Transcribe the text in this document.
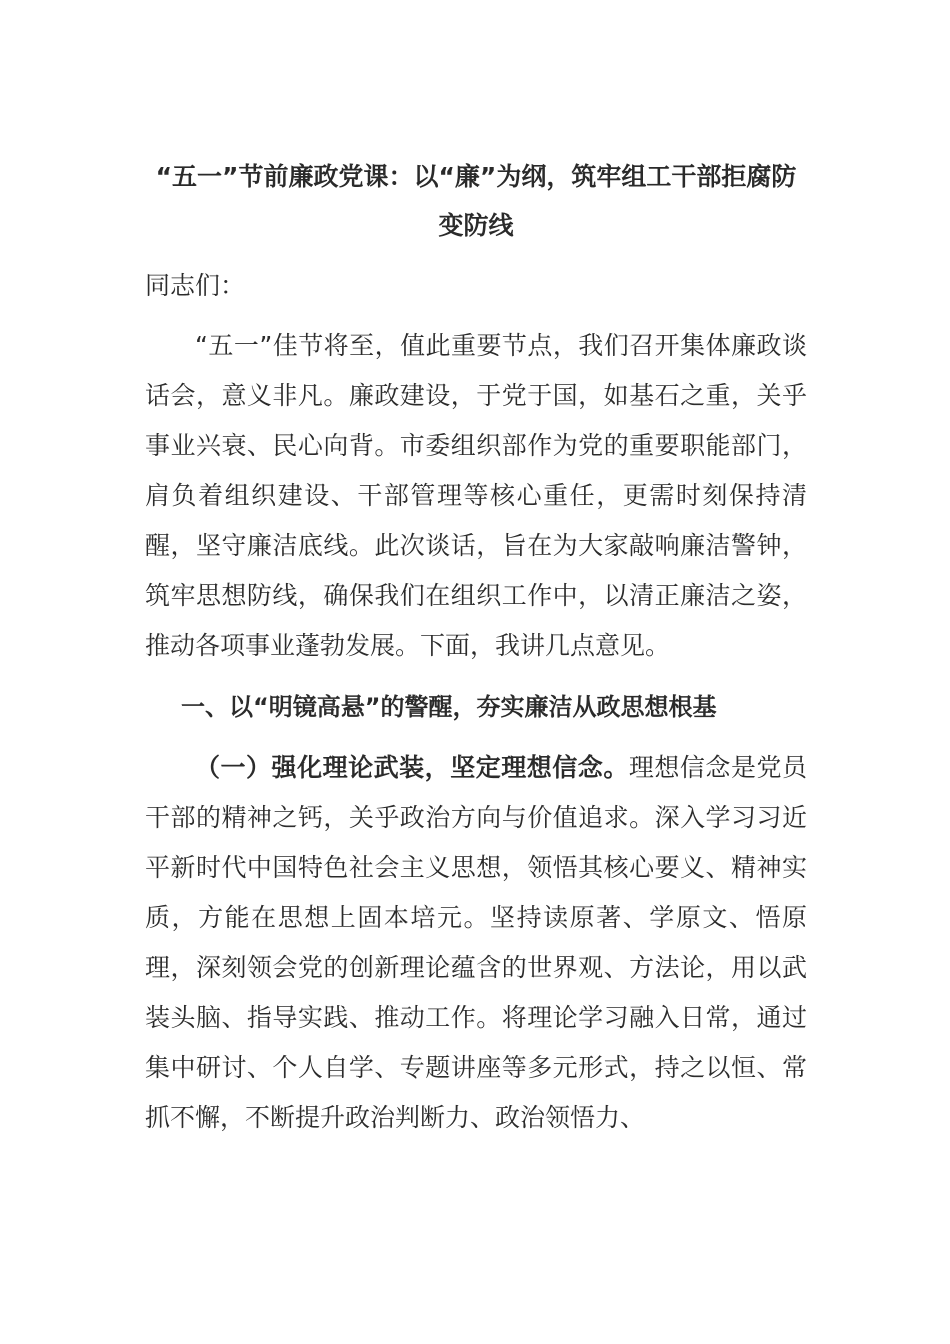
“五一”节前廉政党课：以“廉”为纲，筑牢组工干部拒腐防变防线

同志们：

“五一”佳节将至，值此重要节点，我们召开集体廉政谈话会，意义非凡。廉政建设，于党于国，如基石之重，关乎事业兴衰、民心向背。市委组织部作为党的重要职能部门，肩负着组织建设、干部管理等核心重任，更需时刻保持清醒，坚守廉洁底线。此次谈话，旨在为大家敲响廉洁警钟，筑牢思想防线，确保我们在组织工作中，以清正廉洁之姿，推动各项事业蓬勃发展。下面，我讲几点意见。

一、以“明镜高悬”的警醒，夯实廉洁从政思想根基

（一）强化理论武装，坚定理想信念。理想信念是党员干部的精神之钙，关乎政治方向与价值追求。深入学习习近平新时代中国特色社会主义思想，领悟其核心要义、精神实质，方能在思想上固本培元。坚持读原著、学原文、悟原理，深刻领会党的创新理论蕴含的世界观、方法论，用以武装头脑、指导实践、推动工作。将理论学习融入日常，通过集中研讨、个人自学、专题讲座等多元形式，持之以恒、常抓不懈，不断提升政治判断力、政治领悟力、
